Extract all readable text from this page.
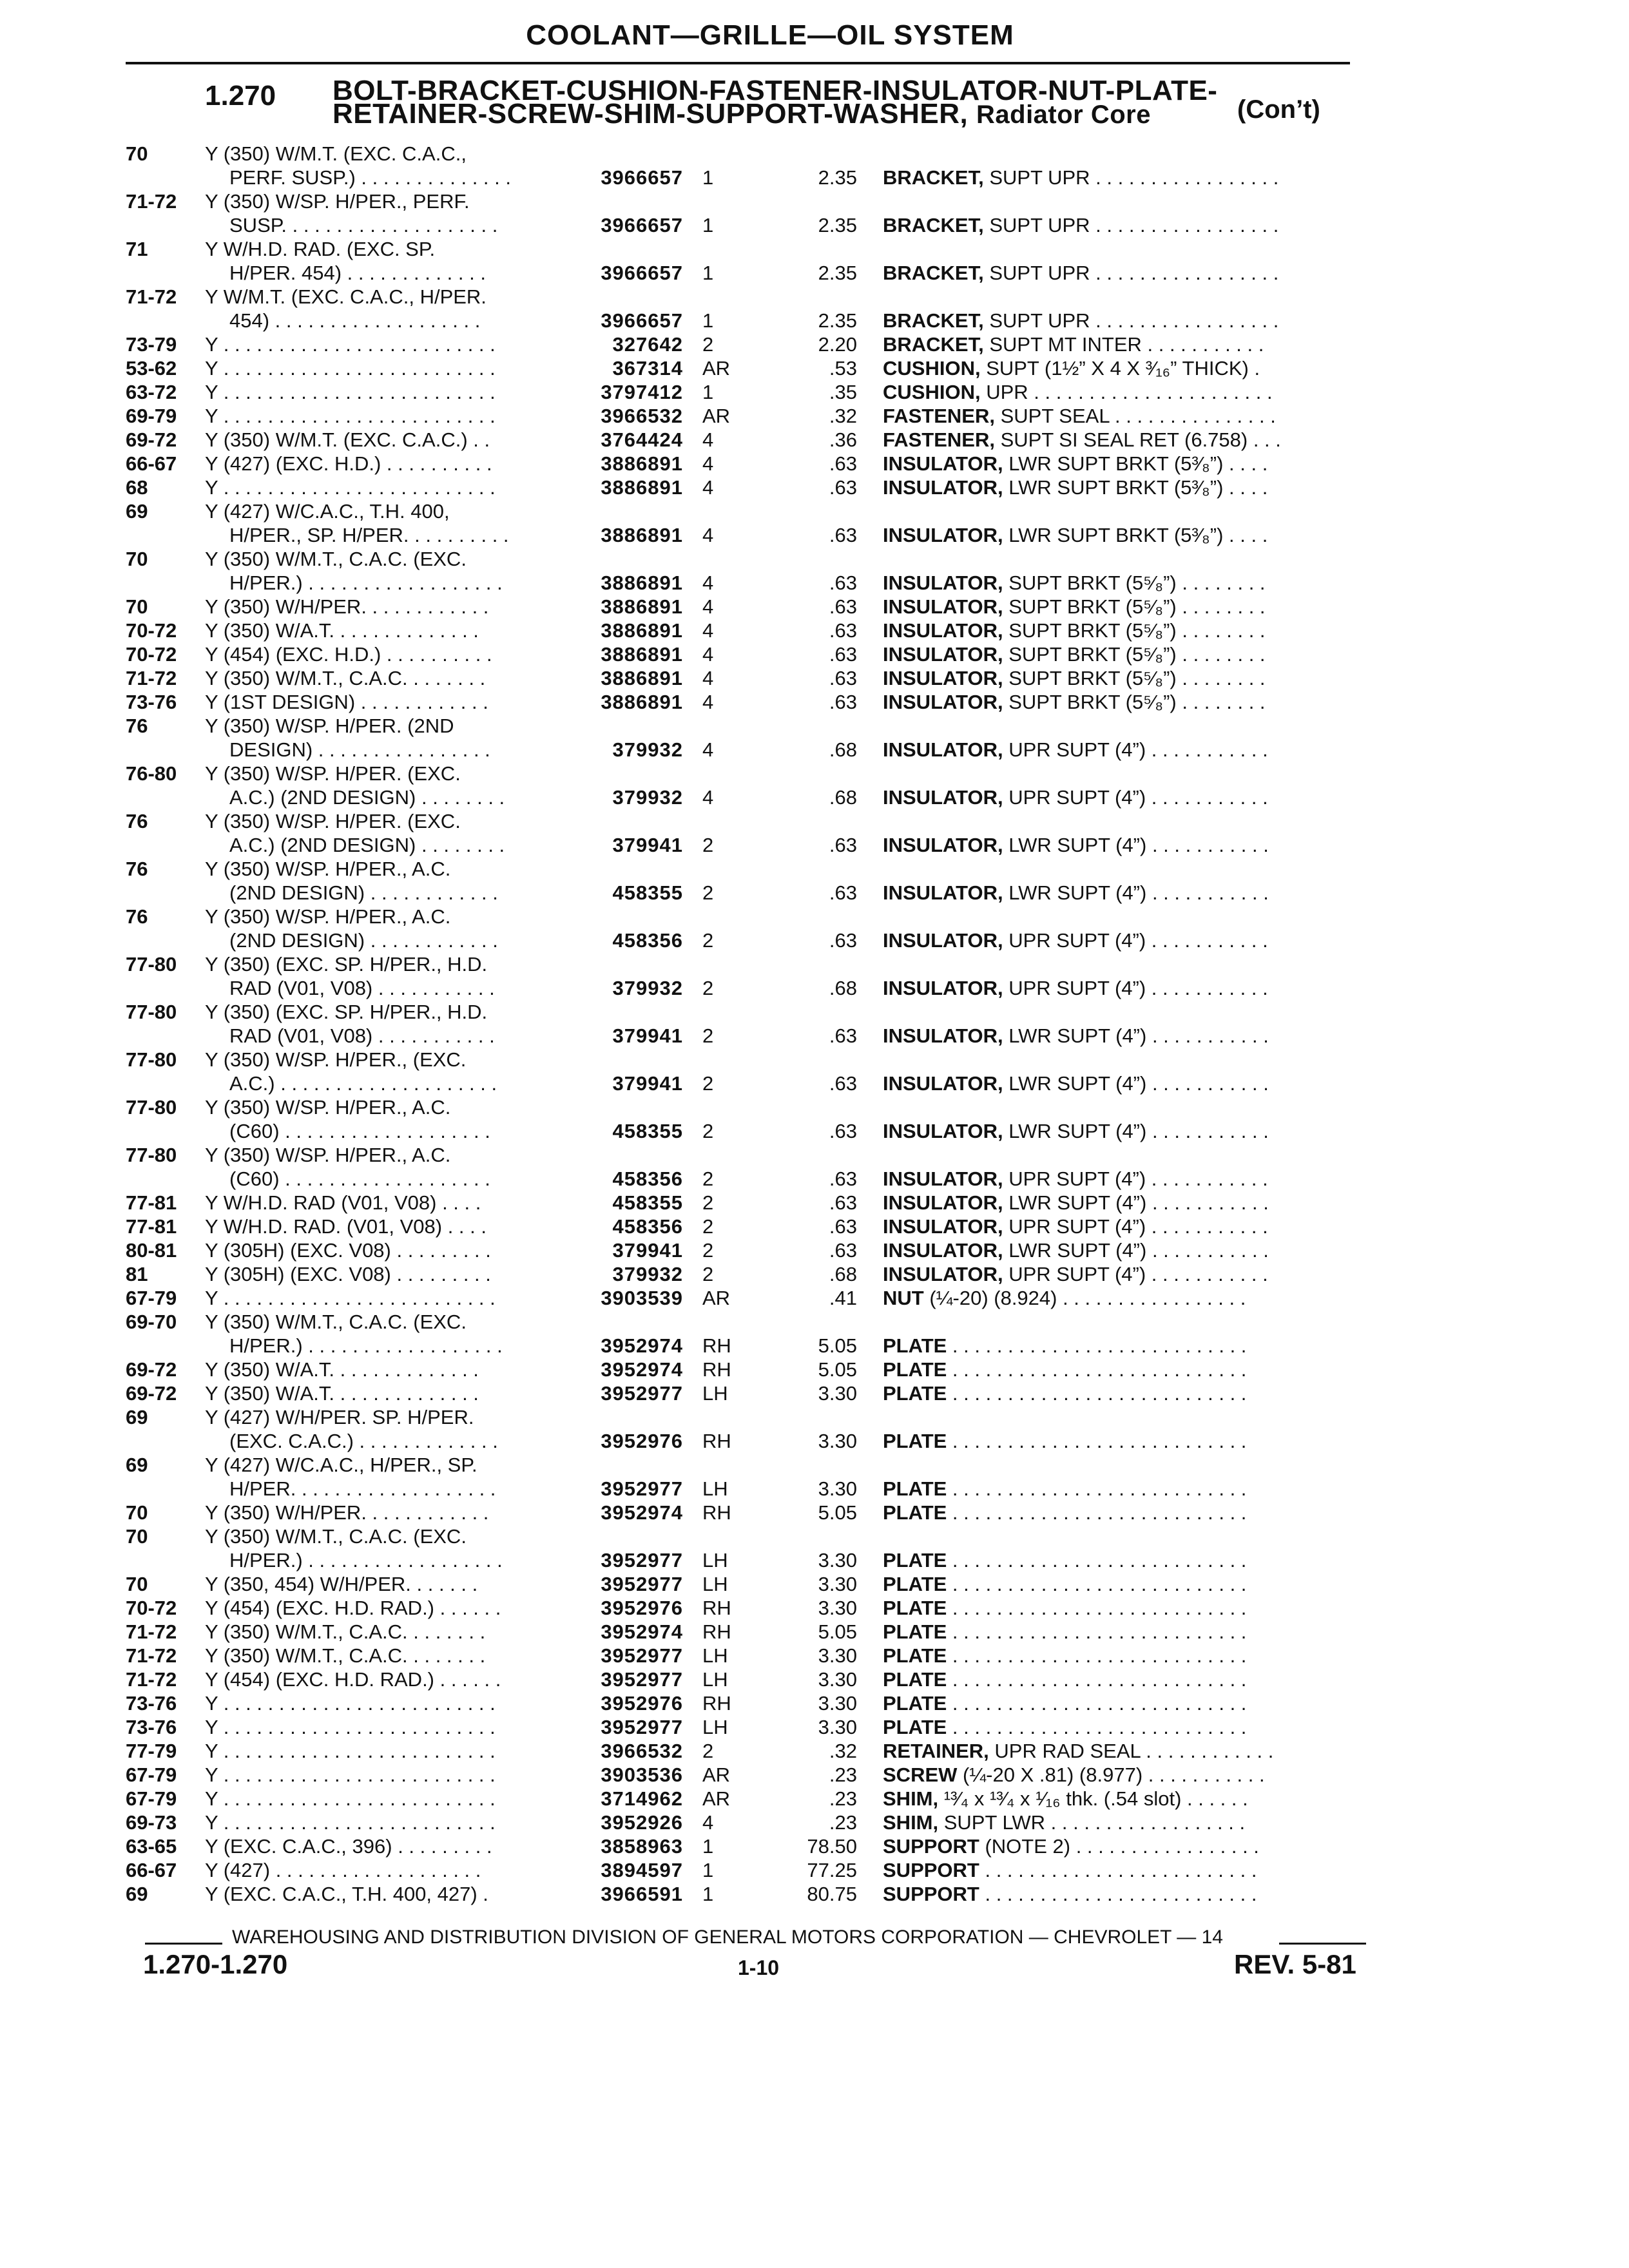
COOLANT—GRILLE—OIL SYSTEM
1.270 BOLT-BRACKET-CUSHION-FASTENER-INSULATOR-NUT-PLATE-
RETAINER-SCREW-SHIM-SUPPORT-WASHER, Radiator Core	(Con’t)
70	Y (350) W/M.T. (EXC. C.A.C.,
PERF. SUSP.) . . . . . . . . . . . . . .	3966657 1	2.35 BRACKET, SUPT UPR . . . . . . . . . . . . . . . . .
71-72	Y (350) W/SP. H/PER., PERF.
SUSP. . . . . . . . . . . . . . . . . . . .	3966657 1	2.35 BRACKET, SUPT UPR . . . . . . . . . . . . . . . . .
71	Y W/H.D. RAD. (EXC. SP.
H/PER. 454) . . . . . . . . . . . . .	3966657 1	2.35 BRACKET, SUPT UPR . . . . . . . . . . . . . . . . .
71-72	Y W/M.T. (EXC. C.A.C., H/PER.
454) . . . . . . . . . . . . . . . . . . .	3966657 1	2.35 BRACKET, SUPT UPR . . . . . . . . . . . . . . . . .
73-79	Y . . . . . . . . . . . . . . . . . . . . . . . . .	327642 2	2.20 BRACKET, SUPT MT INTER . . . . . . . . . . .
53-62	Y . . . . . . . . . . . . . . . . . . . . . . . . .	367314 AR	.53 CUSHION, SUPT (1½” X 4 X ³⁄₁₆” THICK) .
63-72	Y . . . . . . . . . . . . . . . . . . . . . . . . .	3797412 1	.35 CUSHION, UPR . . . . . . . . . . . . . . . . . . . . . .
69-79	Y . . . . . . . . . . . . . . . . . . . . . . . . .	3966532 AR	.32 FASTENER, SUPT SEAL . . . . . . . . . . . . . . .
69-72	Y (350) W/M.T. (EXC. C.A.C.) . .	3764424 4	.36 FASTENER, SUPT SI SEAL RET (6.758) . . .
66-67	Y (427) (EXC. H.D.) . . . . . . . . . .	3886891 4	.63 INSULATOR, LWR SUPT BRKT (5³⁄₈”) . . . .
68	Y . . . . . . . . . . . . . . . . . . . . . . . . .	3886891 4	.63 INSULATOR, LWR SUPT BRKT (5³⁄₈”) . . . .
69	Y (427) W/C.A.C., T.H. 400,
H/PER., SP. H/PER. . . . . . . . . .	3886891 4	.63 INSULATOR, LWR SUPT BRKT (5³⁄₈”) . . . .
70	Y (350) W/M.T., C.A.C. (EXC.
H/PER.) . . . . . . . . . . . . . . . . . .	3886891 4	.63 INSULATOR, SUPT BRKT (5⁵⁄₈”) . . . . . . . .
70	Y (350) W/H/PER. . . . . . . . . . . .	3886891 4	.63 INSULATOR, SUPT BRKT (5⁵⁄₈”) . . . . . . . .
70-72	Y (350) W/A.T. . . . . . . . . . . . . .	3886891 4	.63 INSULATOR, SUPT BRKT (5⁵⁄₈”) . . . . . . . .
70-72	Y (454) (EXC. H.D.) . . . . . . . . . .	3886891 4	.63 INSULATOR, SUPT BRKT (5⁵⁄₈”) . . . . . . . .
71-72	Y (350) W/M.T., C.A.C. . . . . . . .	3886891 4	.63 INSULATOR, SUPT BRKT (5⁵⁄₈”) . . . . . . . .
73-76	Y (1ST DESIGN) . . . . . . . . . . . .	3886891 4	.63 INSULATOR, SUPT BRKT (5⁵⁄₈”) . . . . . . . .
76	Y (350) W/SP. H/PER. (2ND
DESIGN) . . . . . . . . . . . . . . . .	379932 4	.68 INSULATOR, UPR SUPT (4”) . . . . . . . . . . .
76-80	Y (350) W/SP. H/PER. (EXC.
A.C.) (2ND DESIGN) . . . . . . . .	379932 4	.68 INSULATOR, UPR SUPT (4”) . . . . . . . . . . .
76	Y (350) W/SP. H/PER. (EXC.
A.C.) (2ND DESIGN) . . . . . . . .	379941 2	.63 INSULATOR, LWR SUPT (4”) . . . . . . . . . . .
76	Y (350) W/SP. H/PER., A.C.
(2ND DESIGN) . . . . . . . . . . . .	458355 2	.63 INSULATOR, LWR SUPT (4”) . . . . . . . . . . .
76	Y (350) W/SP. H/PER., A.C.
(2ND DESIGN) . . . . . . . . . . . .	458356 2	.63 INSULATOR, UPR SUPT (4”) . . . . . . . . . . .
77-80	Y (350) (EXC. SP. H/PER., H.D.
RAD (V01, V08) . . . . . . . . . . .	379932 2	.68 INSULATOR, UPR SUPT (4”) . . . . . . . . . . .
77-80	Y (350) (EXC. SP. H/PER., H.D.
RAD (V01, V08) . . . . . . . . . . .	379941 2	.63 INSULATOR, LWR SUPT (4”) . . . . . . . . . . .
77-80	Y (350) W/SP. H/PER., (EXC.
A.C.) . . . . . . . . . . . . . . . . . . . .	379941 2	.63 INSULATOR, LWR SUPT (4”) . . . . . . . . . . .
77-80	Y (350) W/SP. H/PER., A.C.
(C60) . . . . . . . . . . . . . . . . . . .	458355 2	.63 INSULATOR, LWR SUPT (4”) . . . . . . . . . . .
77-80	Y (350) W/SP. H/PER., A.C.
(C60) . . . . . . . . . . . . . . . . . . .	458356 2	.63 INSULATOR, UPR SUPT (4”) . . . . . . . . . . .
77-81	Y W/H.D. RAD (V01, V08) . . . .	458355 2	.63 INSULATOR, LWR SUPT (4”) . . . . . . . . . . .
77-81	Y W/H.D. RAD. (V01, V08) . . . .	458356 2	.63 INSULATOR, UPR SUPT (4”) . . . . . . . . . . .
80-81	Y (305H) (EXC. V08) . . . . . . . . .	379941 2	.63 INSULATOR, LWR SUPT (4”) . . . . . . . . . . .
81	Y (305H) (EXC. V08) . . . . . . . . .	379932 2	.68 INSULATOR, UPR SUPT (4”) . . . . . . . . . . .
67-79	Y . . . . . . . . . . . . . . . . . . . . . . . . .	3903539 AR	.41 NUT (¼-20) (8.924) . . . . . . . . . . . . . . . . .
69-70	Y (350) W/M.T., C.A.C. (EXC.
H/PER.) . . . . . . . . . . . . . . . . . .	3952974 RH	5.05 PLATE . . . . . . . . . . . . . . . . . . . . . . . . . . .
69-72	Y (350) W/A.T. . . . . . . . . . . . . .	3952974 RH	5.05 PLATE . . . . . . . . . . . . . . . . . . . . . . . . . . .
69-72	Y (350) W/A.T. . . . . . . . . . . . . .	3952977 LH	3.30 PLATE . . . . . . . . . . . . . . . . . . . . . . . . . . .
69	Y (427) W/H/PER. SP. H/PER.
(EXC. C.A.C.) . . . . . . . . . . . . .	3952976 RH	3.30 PLATE . . . . . . . . . . . . . . . . . . . . . . . . . . .
69	Y (427) W/C.A.C., H/PER., SP.
H/PER. . . . . . . . . . . . . . . . . . .	3952977 LH	3.30 PLATE . . . . . . . . . . . . . . . . . . . . . . . . . . .
70	Y (350) W/H/PER. . . . . . . . . . . .	3952974 RH	5.05 PLATE . . . . . . . . . . . . . . . . . . . . . . . . . . .
70	Y (350) W/M.T., C.A.C. (EXC.
H/PER.) . . . . . . . . . . . . . . . . . .	3952977 LH	3.30 PLATE . . . . . . . . . . . . . . . . . . . . . . . . . . .
70	Y (350, 454) W/H/PER. . . . . . .	3952977 LH	3.30 PLATE . . . . . . . . . . . . . . . . . . . . . . . . . . .
70-72	Y (454) (EXC. H.D. RAD.) . . . . . .	3952976 RH	3.30 PLATE . . . . . . . . . . . . . . . . . . . . . . . . . . .
71-72	Y (350) W/M.T., C.A.C. . . . . . . .	3952974 RH	5.05 PLATE . . . . . . . . . . . . . . . . . . . . . . . . . . .
71-72	Y (350) W/M.T., C.A.C. . . . . . . .	3952977 LH	3.30 PLATE . . . . . . . . . . . . . . . . . . . . . . . . . . .
71-72	Y (454) (EXC. H.D. RAD.) . . . . . .	3952977 LH	3.30 PLATE . . . . . . . . . . . . . . . . . . . . . . . . . . .
73-76	Y . . . . . . . . . . . . . . . . . . . . . . . . .	3952976 RH	3.30 PLATE . . . . . . . . . . . . . . . . . . . . . . . . . . .
73-76	Y . . . . . . . . . . . . . . . . . . . . . . . . .	3952977 LH	3.30 PLATE . . . . . . . . . . . . . . . . . . . . . . . . . . .
77-79	Y . . . . . . . . . . . . . . . . . . . . . . . . .	3966532 2	.32 RETAINER, UPR RAD SEAL . . . . . . . . . . . .
67-79	Y . . . . . . . . . . . . . . . . . . . . . . . . .	3903536 AR	.23 SCREW (¼-20 X .81) (8.977) . . . . . . . . . . .
67-79	Y . . . . . . . . . . . . . . . . . . . . . . . . .	3714962 AR	.23 SHIM, ¹³⁄₄ x ¹³⁄₄ x ¹⁄₁₆ thk. (.54 slot) . . . . . .
69-73	Y . . . . . . . . . . . . . . . . . . . . . . . . .	3952926 4	.23 SHIM, SUPT LWR . . . . . . . . . . . . . . . . . .
63-65	Y (EXC. C.A.C., 396) . . . . . . . . .	3858963 1	78.50 SUPPORT (NOTE 2) . . . . . . . . . . . . . . . . .
66-67	Y (427) . . . . . . . . . . . . . . . . . . .	3894597 1	77.25 SUPPORT . . . . . . . . . . . . . . . . . . . . . . . . .
69	Y (EXC. C.A.C., T.H. 400, 427) .	3966591 1	80.75 SUPPORT . . . . . . . . . . . . . . . . . . . . . . . . .
WAREHOUSING AND DISTRIBUTION DIVISION OF GENERAL MOTORS CORPORATION — CHEVROLET — 14
1.270-1.270	1-10	REV. 5-81
